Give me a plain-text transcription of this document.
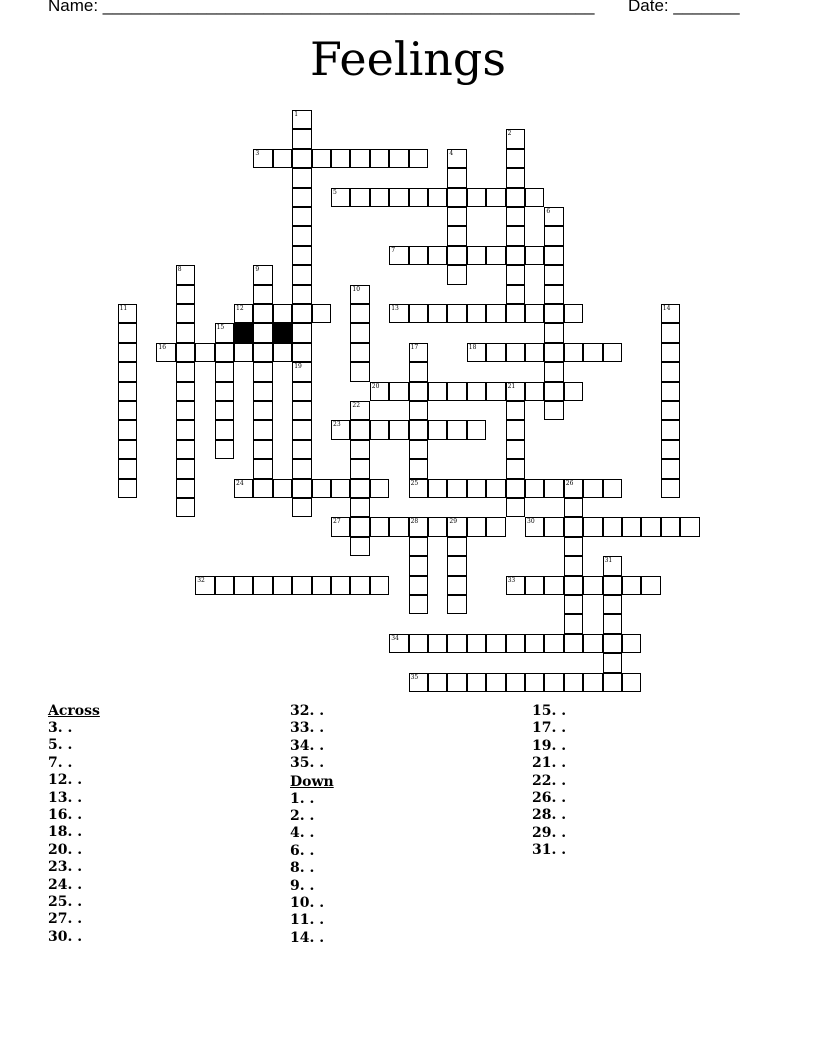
Name: ____________________________________________________ Date: _______
Feelings
3
5
7
12	13
16	18
20	21
23
24	25	26
27	28	29	30
32	33
34
35
1
2
4
6
8	9
10
11	14
15
17
19
22
31
Across
3. .
5. .
7. .
12. .
13. .
16. .
18. .
20. .
23. .
24. .
25. .
27. .
30. .
32. .
33. .
34. .
35. .
Down
1. .
2. .
4. .
6. .
8. .
9. .
10. .
11. .
14. .
15. .
17. .
19. .
21. .
22. .
26. .
28. .
29. .
31. .
